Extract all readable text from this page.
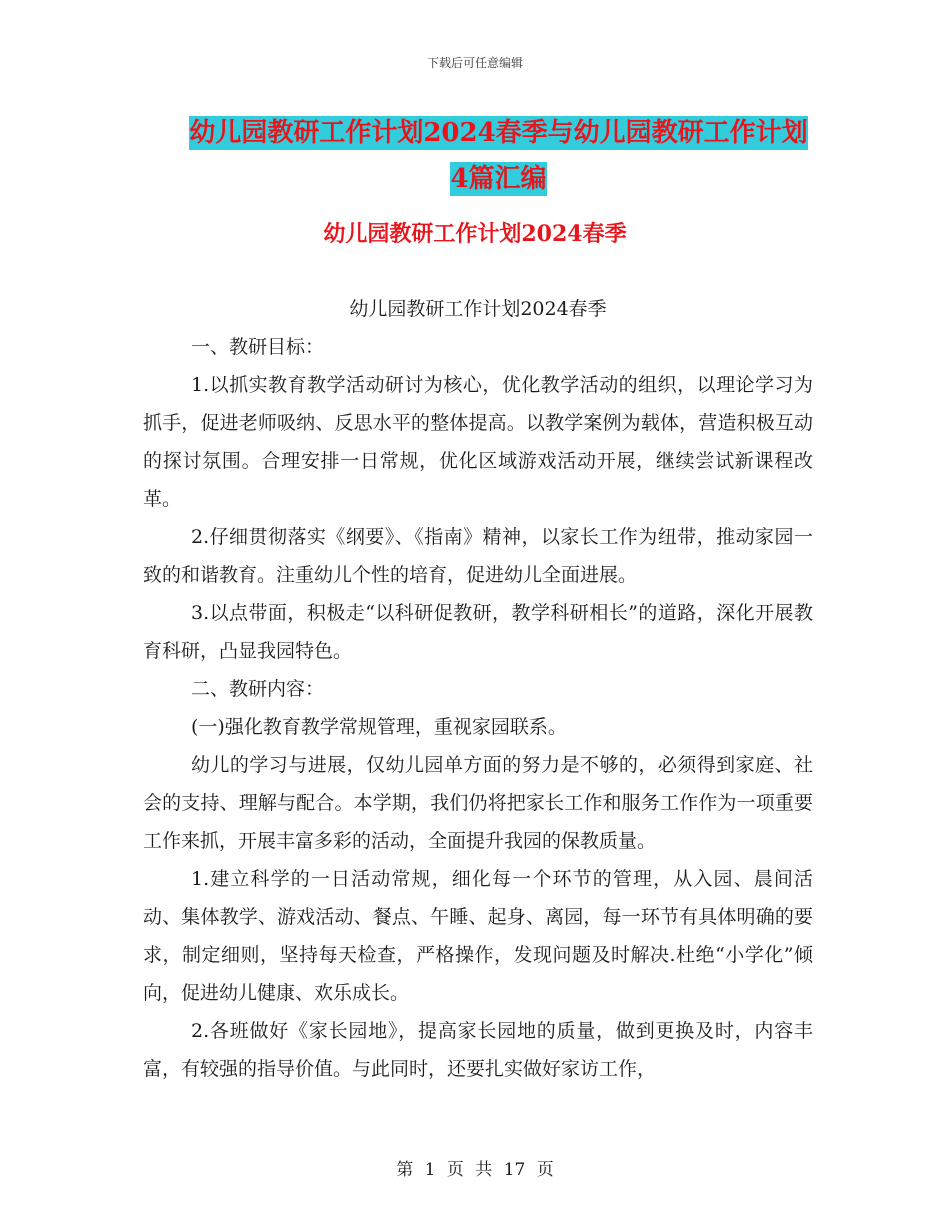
下载后可任意编辑
幼儿园教研工作计划2024春季与幼儿园教研工作计划
4篇汇编
幼儿园教研工作计划2024春季
幼儿园教研工作计划2024春季

一、教研目标：

1.以抓实教育教学活动研讨为核心，优化教学活动的组织，以理论学习为抓手，促进老师吸纳、反思水平的整体提高。以教学案例为载体，营造积极互动的探讨氛围。合理安排一日常规，优化区域游戏活动开展，继续尝试新课程改革。

2.仔细贯彻落实《纲要》、《指南》精神，以家长工作为纽带，推动家园一致的和谐教育。注重幼儿个性的培育，促进幼儿全面进展。

3.以点带面，积极走“以科研促教研，教学科研相长”的道路，深化开展教育科研，凸显我园特色。

二、教研内容：

(一)强化教育教学常规管理，重视家园联系。

幼儿的学习与进展，仅幼儿园单方面的努力是不够的，必须得到家庭、社会的支持、理解与配合。本学期，我们仍将把家长工作和服务工作作为一项重要工作来抓，开展丰富多彩的活动，全面提升我园的保教质量。

1.建立科学的一日活动常规，细化每一个环节的管理，从入园、晨间活动、集体教学、游戏活动、餐点、午睡、起身、离园，每一环节有具体明确的要求，制定细则，坚持每天检查，严格操作，发现问题及时解决.杜绝“小学化”倾向，促进幼儿健康、欢乐成长。

2.各班做好《家长园地》，提高家长园地的质量，做到更换及时，内容丰富，有较强的指导价值。与此同时，还要扎实做好家访工作，

第 1 页 共 17 页
